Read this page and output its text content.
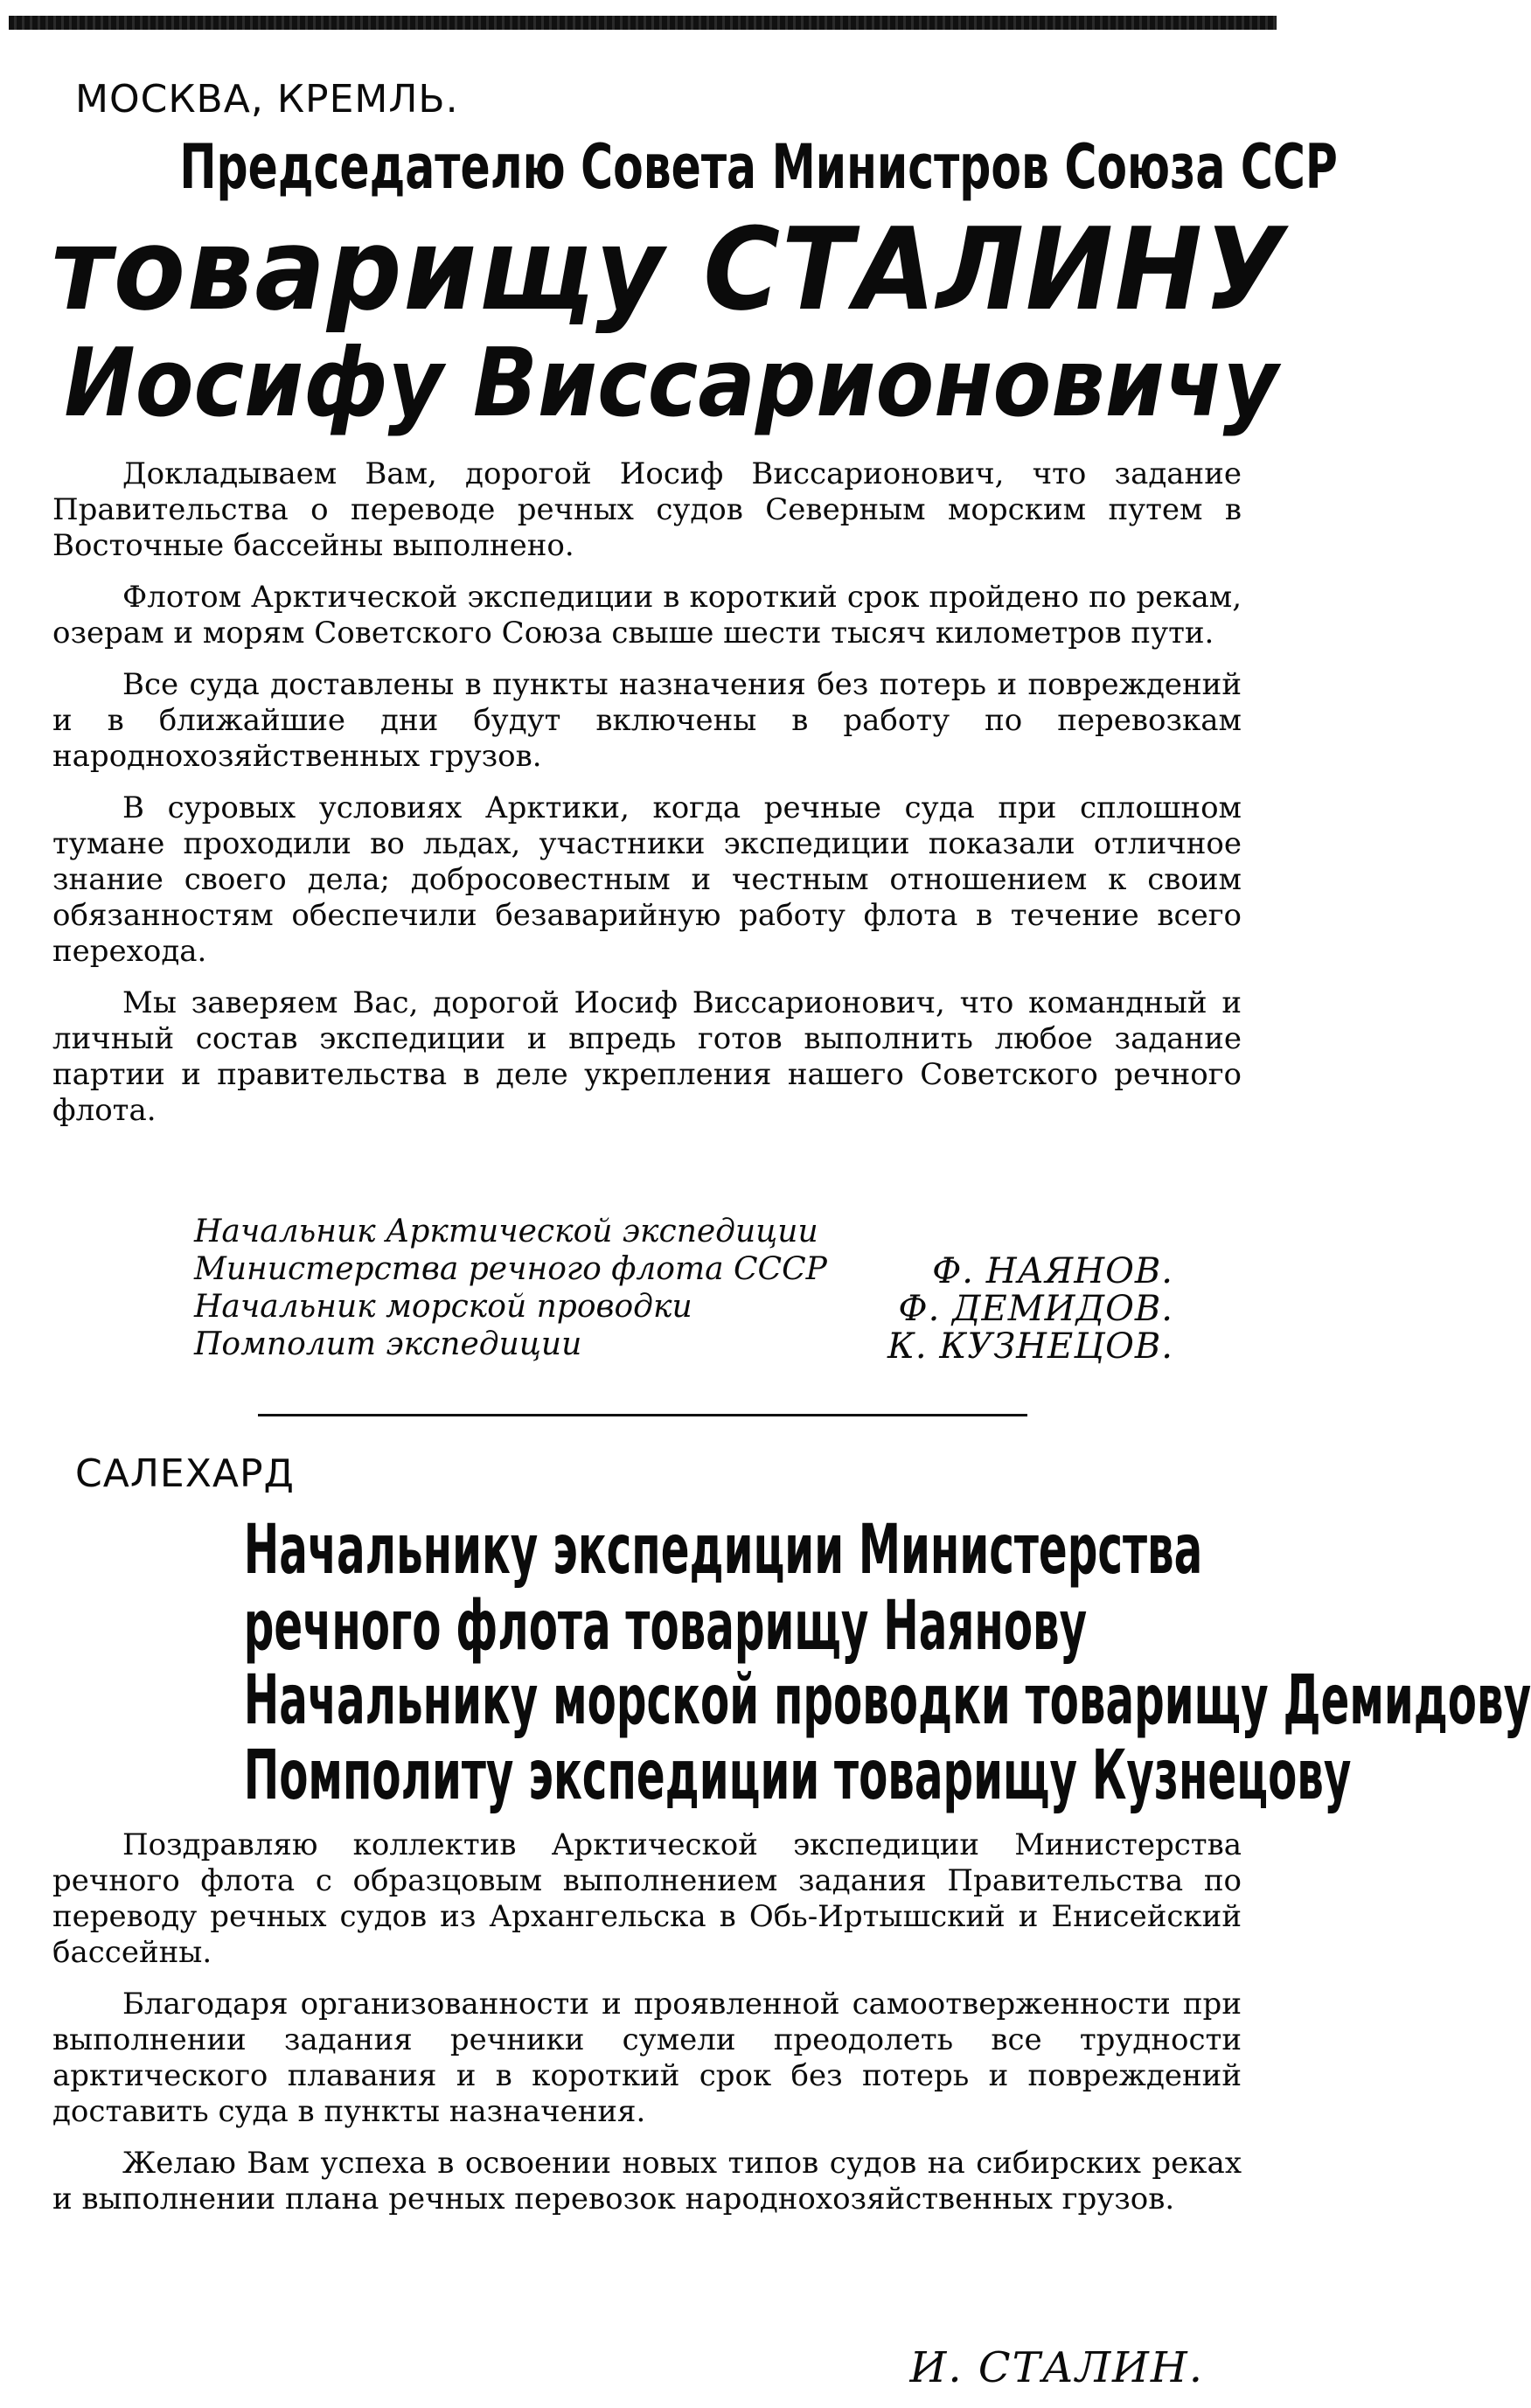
МОСКВА, КРЕМЛЬ.
Председателю Совета Министров Союза ССР
товарищу СТАЛИНУ
Иосифу Виссарионовичу

Докладываем Вам, дорогой Иосиф Виссарионович, что задание Правительства о переводе речных судов Северным морским путем в Восточные бассейны выполнено.

Флотом Арктической экспедиции в короткий срок пройдено по рекам, озерам и морям Советского Союза свыше шести тысяч километров пути.

Все суда доставлены в пункты назначения без потерь и повреждений и в ближайшие дни будут включены в работу по перевозкам народнохозяйственных грузов.

В суровых условиях Арктики, когда речные суда при сплошном тумане проходили во льдах, участники экспедиции показали отличное знание своего дела; добросовестным и честным отношением к своим обязанностям обеспечили безаварийную работу флота в течение всего перехода.

Мы заверяем Вас, дорогой Иосиф Виссарионович, что командный и личный состав экспедиции и впредь готов выполнить любое задание партии и правительства в деле укрепления нашего Советского речного флота.

Начальник Арктической экспедиции
Министерства речного флота СССР	Ф. НАЯНОВ.
Начальник морской проводки	Ф. ДЕМИДОВ.
Помполит экспедиции	К. КУЗНЕЦОВ.
САЛЕХАРД
Начальнику экспедиции Министерства
речного флота товарищу Наянову
Начальнику морской проводки товарищу Демидову
Помполиту экспедиции товарищу Кузнецову

Поздравляю коллектив Арктической экспедиции Министерства речного флота с образцовым выполнением задания Правительства по переводу речных судов из Архангельска в Обь-Иртышский и Енисейский бассейны.

Благодаря организованности и проявленной самоотверженности при выполнении задания речники сумели преодолеть все трудности арктического плавания и в короткий срок без потерь и повреждений доставить суда в пункты назначения.

Желаю Вам успеха в освоении новых типов судов на сибирских реках и выполнении плана речных перевозок народнохозяйственных грузов.

И. СТАЛИН.
